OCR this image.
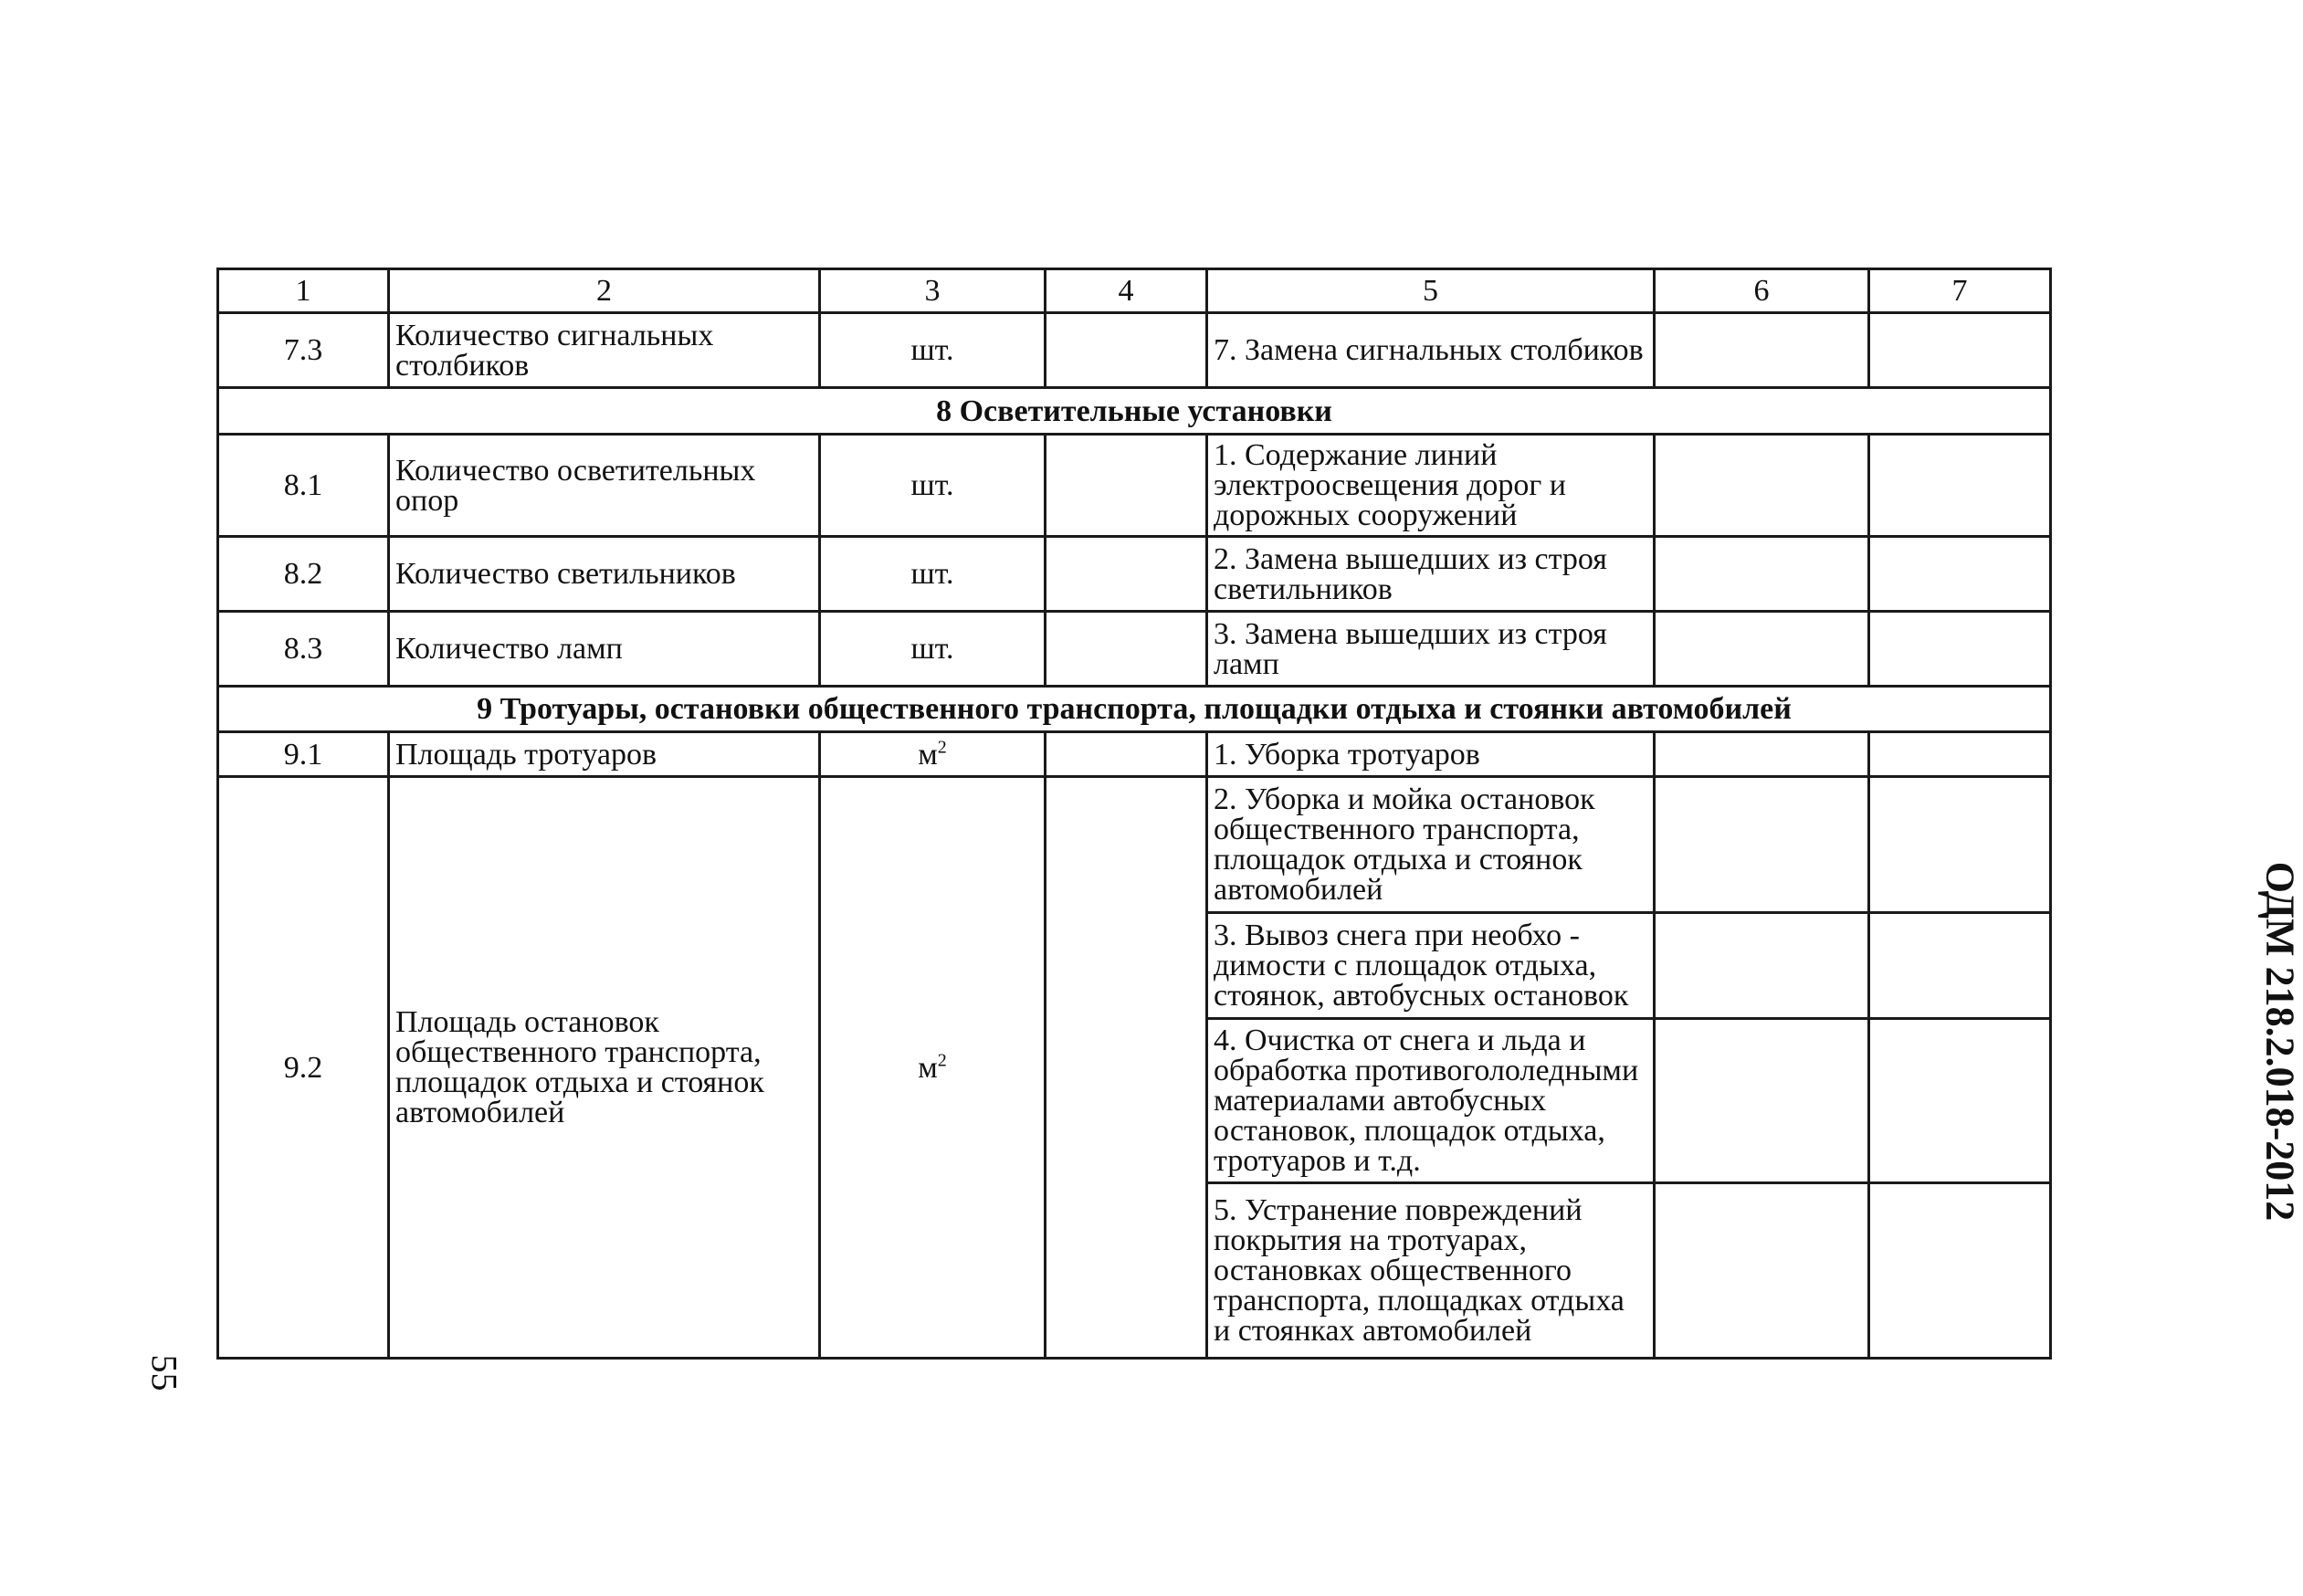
1	2	3	4	5	6	7
7.3	Количество сигнальных столбиков	шт.		7. Замена сигнальных столбиков		
8 Осветительные установки						
8.1	Количество осветительных опор	шт.		1. Содержание линий электроосвещения дорог и дорожных сооружений		
8.2	Количество светильников	шт.		2. Замена вышедших из строя светильников		
8.3	Количество ламп	шт.		3. Замена вышедших из строя ламп		
9 Тротуары, остановки общественного транспорта, площадки отдыха и стоянки автомобилей						
9.1	Площадь тротуаров	$м^2$		1. Уборка тротуаров		
9.2	Площадь остановок общественного транспорта, площадок отдыха и стоянок автомобилей	$м^2$		2. Уборка и мойка остановок общественного транспорта, площадок отдыха и стоянок автомобилей		
				3. Вывоз снега при необхо - димости с площадок отдыха, стоянок, автобусных остановок		
				4. Очистка от снега и льда и обработка противогололедными материалами автобусных остановок, площадок отдыха, тротуаров и т.д.		
				5. Устранение повреждений покрытия на тротуарах, остановках общественного транспорта, площадках отдыха и стоянках автомобилей		
ОДМ 218.2.018-2012
55
